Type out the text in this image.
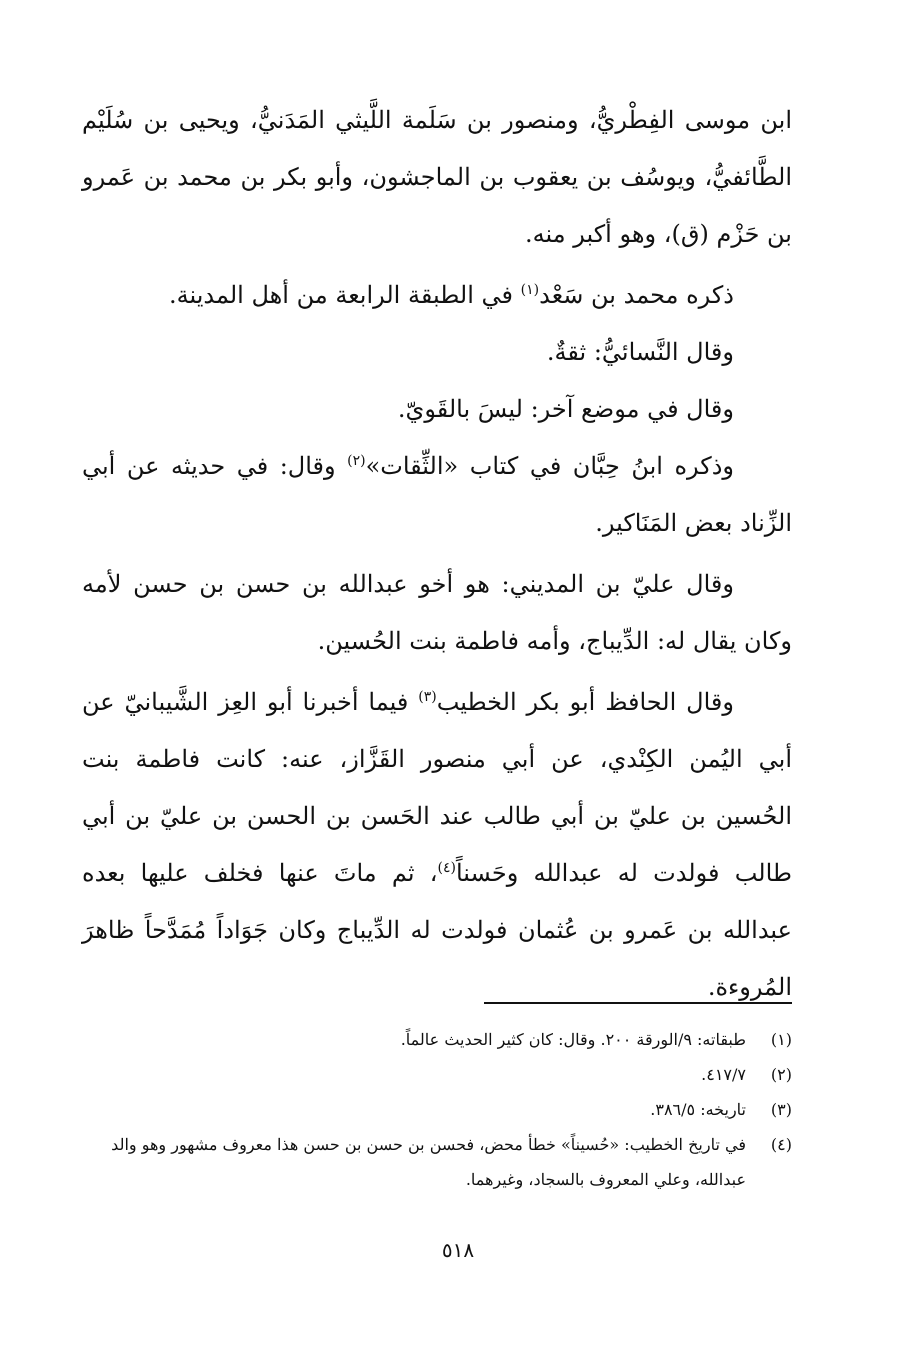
ابن موسى الفِطْريُّ، ومنصور بن سَلَمة اللَّيثي المَدَنيُّ، ويحيى بن سُلَيْم الطَّائفيُّ، ويوسُف بن يعقوب بن الماجشون، وأبو بكر بن محمد بن عَمرو بن حَزْم (ق)، وهو أكبر منه.

ذكره محمد بن سَعْد$^{(١)}$ في الطبقة الرابعة من أهل المدينة.

وقال النَّسائيُّ: ثقةٌ.

وقال في موضع آخر: ليسَ بالقَويّ.

وذكره ابنُ حِبَّان في كتاب «الثِّقات»$^{(٢)}$ وقال: في حديثه عن أبي الزِّناد بعض المَنَاكير.

وقال عليّ بن المديني: هو أخو عبدالله بن حسن بن حسن لأمه وكان يقال له: الدِّيباج، وأمه فاطمة بنت الحُسين.

وقال الحافظ أبو بكر الخطيب$^{(٣)}$ فيما أخبرنا أبو العِز الشَّيبانيّ عن أبي اليُمن الكِنْدي، عن أبي منصور القَزَّاز، عنه: كانت فاطمة بنت الحُسين بن عليّ بن أبي طالب عند الحَسن بن الحسن بن عليّ بن أبي طالب فولدت له عبدالله وحَسناً$^{(٤)}$، ثم ماتَ عنها فخلف عليها بعده عبدالله بن عَمرو بن عُثمان فولدت له الدِّيباج وكان جَوَاداً مُمَدَّحاً ظاهرَ المُروءة.

(١)
طبقاته: ٩/الورقة ٢٠٠. وقال: كان كثير الحديث عالماً.
(٢)
٤١٧/٧.
(٣)
تاريخه: ٣٨٦/٥.
(٤)
في تاريخ الخطيب: «حُسيناً» خطأ محض، فحسن بن حسن بن حسن هذا معروف مشهور وهو والد عبدالله، وعلي المعروف بالسجاد، وغيرهما.
٥١٨
